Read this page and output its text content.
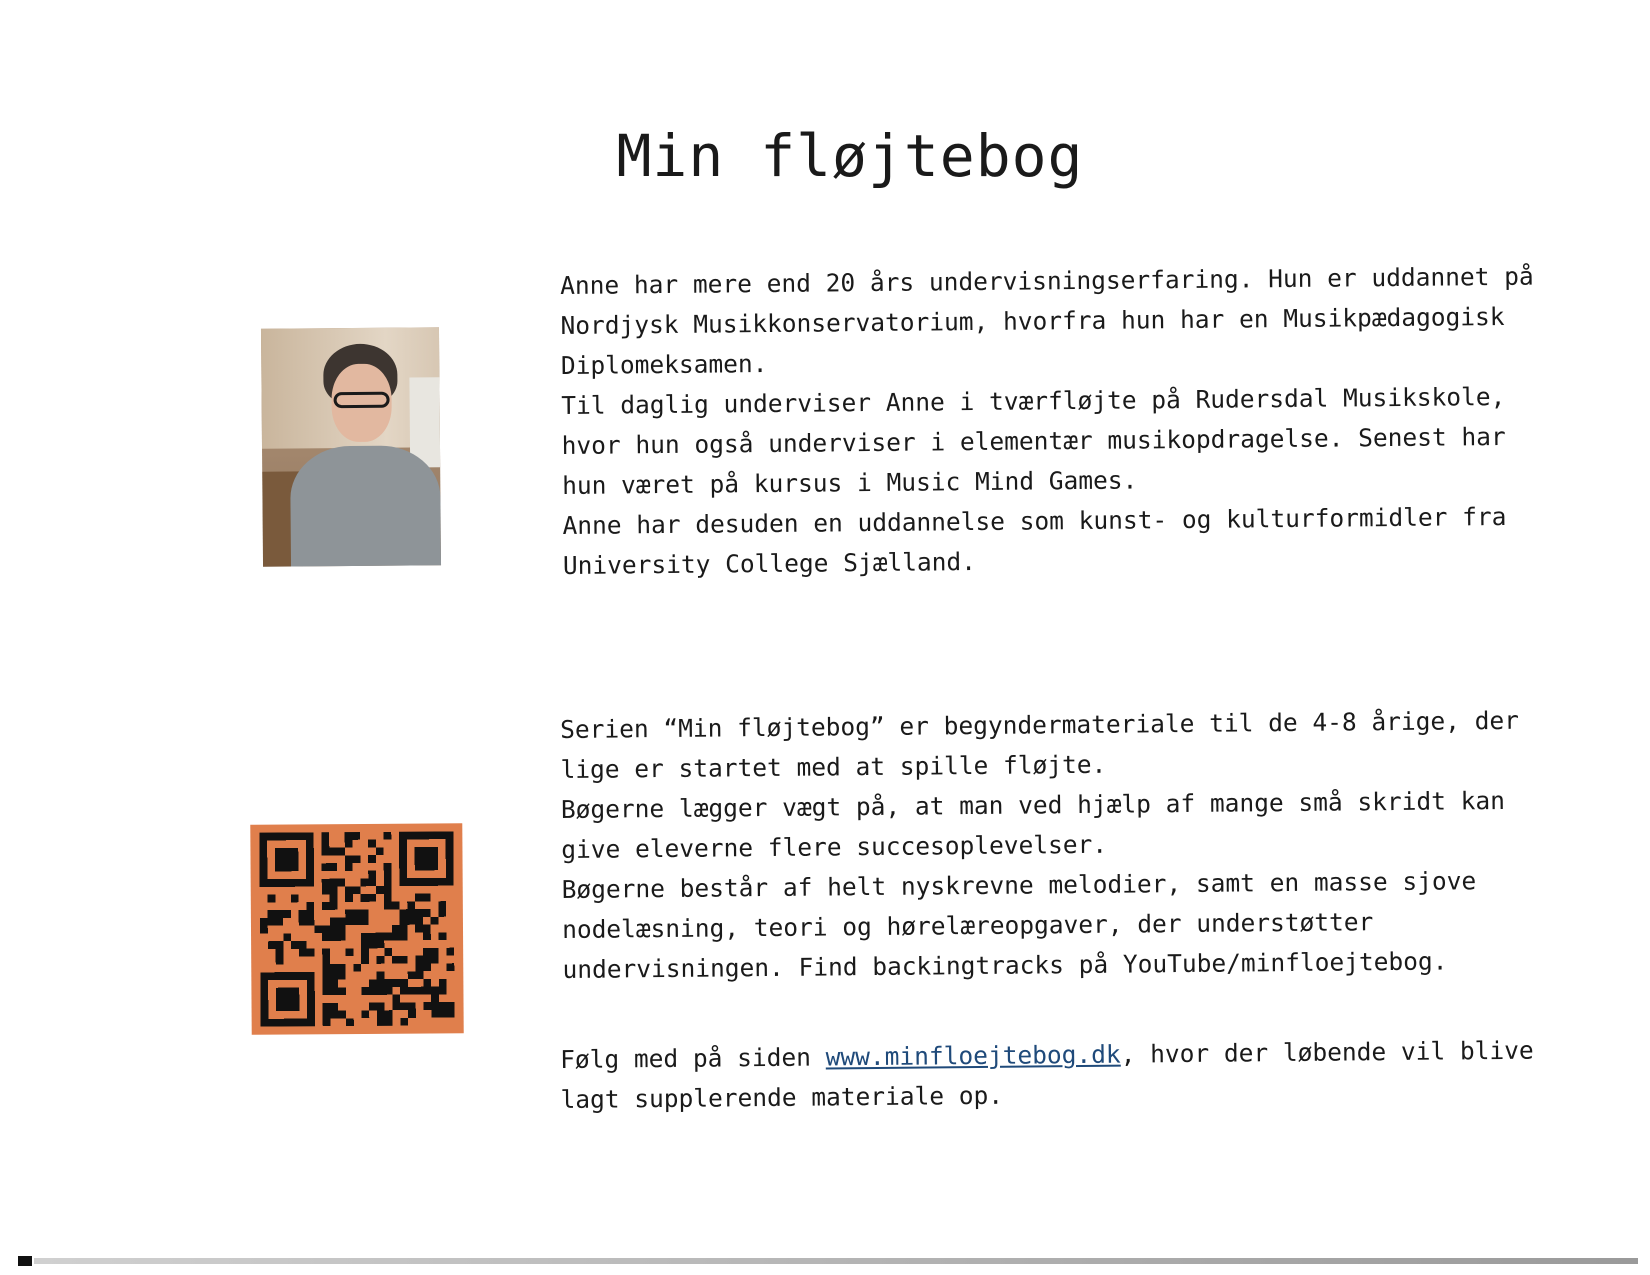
Min fløjtebog
Anne har mere end 20 års undervisningserfaring. Hun er uddannet på
Nordjysk Musikkonservatorium, hvorfra hun har en Musikpædagogisk
Diplomeksamen.
Til daglig underviser Anne i tværfløjte på Rudersdal Musikskole,
hvor hun også underviser i elementær musikopdragelse. Senest har
hun været på kursus i Music Mind Games.
Anne har desuden en uddannelse som kunst- og kulturformidler fra
University College Sjælland.
Serien “Min fløjtebog” er begyndermateriale til de 4-8 årige, der
lige er startet med at spille fløjte.
Bøgerne lægger vægt på, at man ved hjælp af mange små skridt kan
give eleverne flere succesoplevelser.
Bøgerne består af helt nyskrevne melodier, samt en masse sjove
nodelæsning, teori og hørelæreopgaver, der understøtter
undervisningen. Find backingtracks på YouTube/minfloejtebog.
Følg med på siden www.minfloejtebog.dk, hvor der løbende vil blive
lagt supplerende materiale op.
